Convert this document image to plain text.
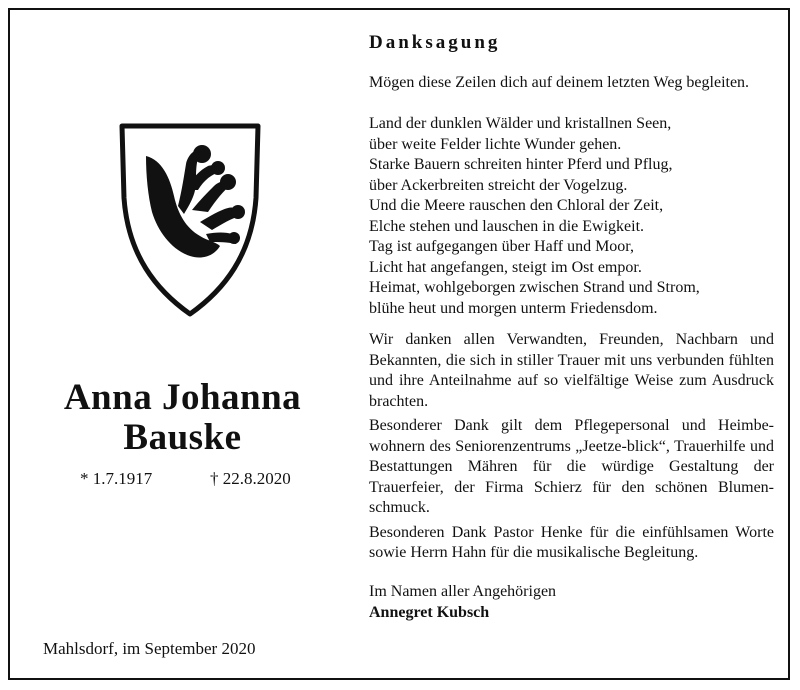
Anna Johanna
Bauske
* 1.7.1917	† 22.8.2020
Mahlsdorf, im September 2020
Danksagung
Mögen diese Zeilen dich auf deinem letzten Weg begleiten.
Land der dunklen Wälder und kristallnen Seen,
über weite Felder lichte Wunder gehen.
Starke Bauern schreiten hinter Pferd und Pflug,
über Ackerbreiten streicht der Vogelzug.
Und die Meere rauschen den Chloral der Zeit,
Elche stehen und lauschen in die Ewigkeit.
Tag ist aufgegangen über Haff und Moor,
Licht hat angefangen, steigt im Ost empor.
Heimat, wohlgeborgen zwischen Strand und Strom,
blühe heut und morgen unterm Friedensdom.

Wir danken allen Verwandten, Freunden, Nachbarn und Bekannten, die sich in stiller Trauer mit uns verbunden fühlten und ihre Anteilnahme auf so vielfältige Weise zum Ausdruck brachten.

Besonderer Dank gilt dem Pflegepersonal und Heimbewohnern des Seniorenzentrums „Jeetze-blick“, Trauerhilfe und Bestattungen Mähren für die würdige Gestaltung der Trauerfeier, der Firma Schierz für den schönen Blumenschmuck.

Besonderen Dank Pastor Henke für die einfühlsamen Worte sowie Herrn Hahn für die musikalische Begleitung.

Im Namen aller Angehörigen
Annegret Kubsch
